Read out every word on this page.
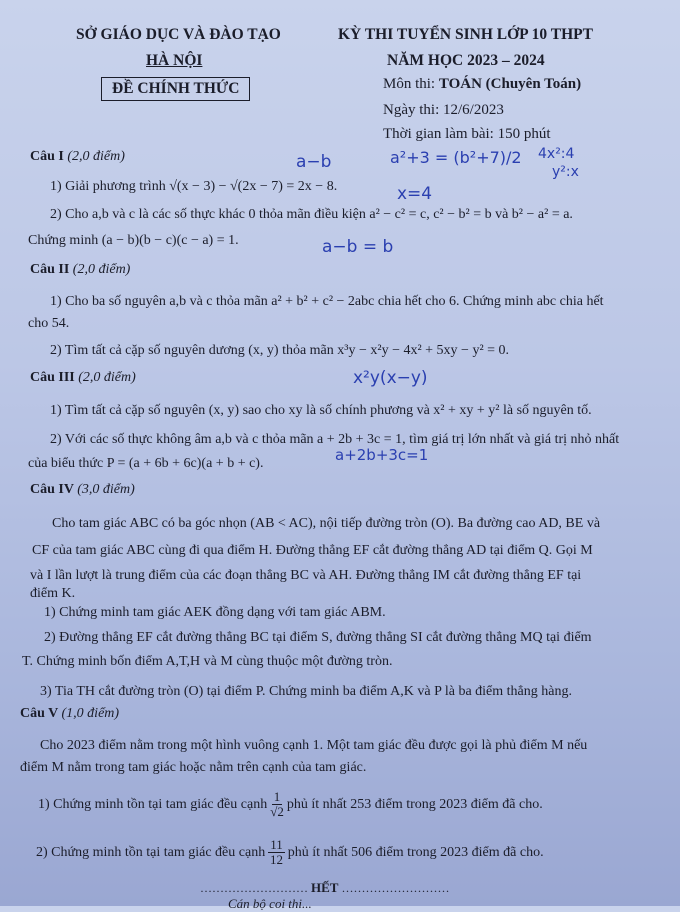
SỞ GIÁO DỤC VÀ ĐÀO TẠO
HÀ NỘI
ĐỀ CHÍNH THỨC
KỲ THI TUYỂN SINH LỚP 10 THPT
NĂM HỌC 2023 – 2024
Môn thi: TOÁN (Chuyên Toán)
Ngày thi: 12/6/2023
Thời gian làm bài: 150 phút
Câu I (2,0 điểm)
1) Giải phương trình √(x − 3) − √(2x − 7) = 2x − 8.
2) Cho a,b và c là các số thực khác 0 thỏa mãn điều kiện a² − c² = c, c² − b² = b và b² − a² = a.
Chứng minh (a − b)(b − c)(c − a) = 1.
Câu II (2,0 điểm)
1) Cho ba số nguyên a,b và c thỏa mãn a² + b² + c² − 2abc chia hết cho 6. Chứng minh abc chia hết
cho 54.
2) Tìm tất cả cặp số nguyên dương (x, y) thỏa mãn x³y − x²y − 4x² + 5xy − y² = 0.
Câu III (2,0 điểm)
1) Tìm tất cả cặp số nguyên (x, y) sao cho xy là số chính phương và x² + xy + y² là số nguyên tố.
2) Với các số thực không âm a,b và c thỏa mãn a + 2b + 3c = 1, tìm giá trị lớn nhất và giá trị nhỏ nhất
của biểu thức P = (a + 6b + 6c)(a + b + c).
Câu IV (3,0 điểm)
Cho tam giác ABC có ba góc nhọn (AB < AC), nội tiếp đường tròn (O). Ba đường cao AD, BE và
CF của tam giác ABC cùng đi qua điểm H. Đường thẳng EF cắt đường thẳng AD tại điểm Q. Gọi M
và I lần lượt là trung điểm của các đoạn thẳng BC và AH. Đường thẳng IM cắt đường thẳng EF tại
điểm K.
1) Chứng minh tam giác AEK đồng dạng với tam giác ABM.
2) Đường thẳng EF cắt đường thẳng BC tại điểm S, đường thẳng SI cắt đường thẳng MQ tại điểm
T. Chứng minh bốn điểm A,T,H và M cùng thuộc một đường tròn.
3) Tia TH cắt đường tròn (O) tại điểm P. Chứng minh ba điểm A,K và P là ba điểm thẳng hàng.
Câu V (1,0 điểm)
Cho 2023 điểm nằm trong một hình vuông cạnh 1. Một tam giác đều được gọi là phủ điểm M nếu
điểm M nằm trong tam giác hoặc nằm trên cạnh của tam giác.
1) Chứng minh tồn tại tam giác đều cạnh $\frac{1}{√2}$ phủ ít nhất 253 điểm trong 2023 điểm đã cho.
2) Chứng minh tồn tại tam giác đều cạnh $\frac{11}{12}$ phủ ít nhất 506 điểm trong 2023 điểm đã cho.
……………………… HẾT ………………………
Cán bộ coi thi...
a−b	a²+3 = (b²+7)/2 4x²:4
y²:x
x=4
a−b = b
x²y(x−y)
a+2b+3c=1
